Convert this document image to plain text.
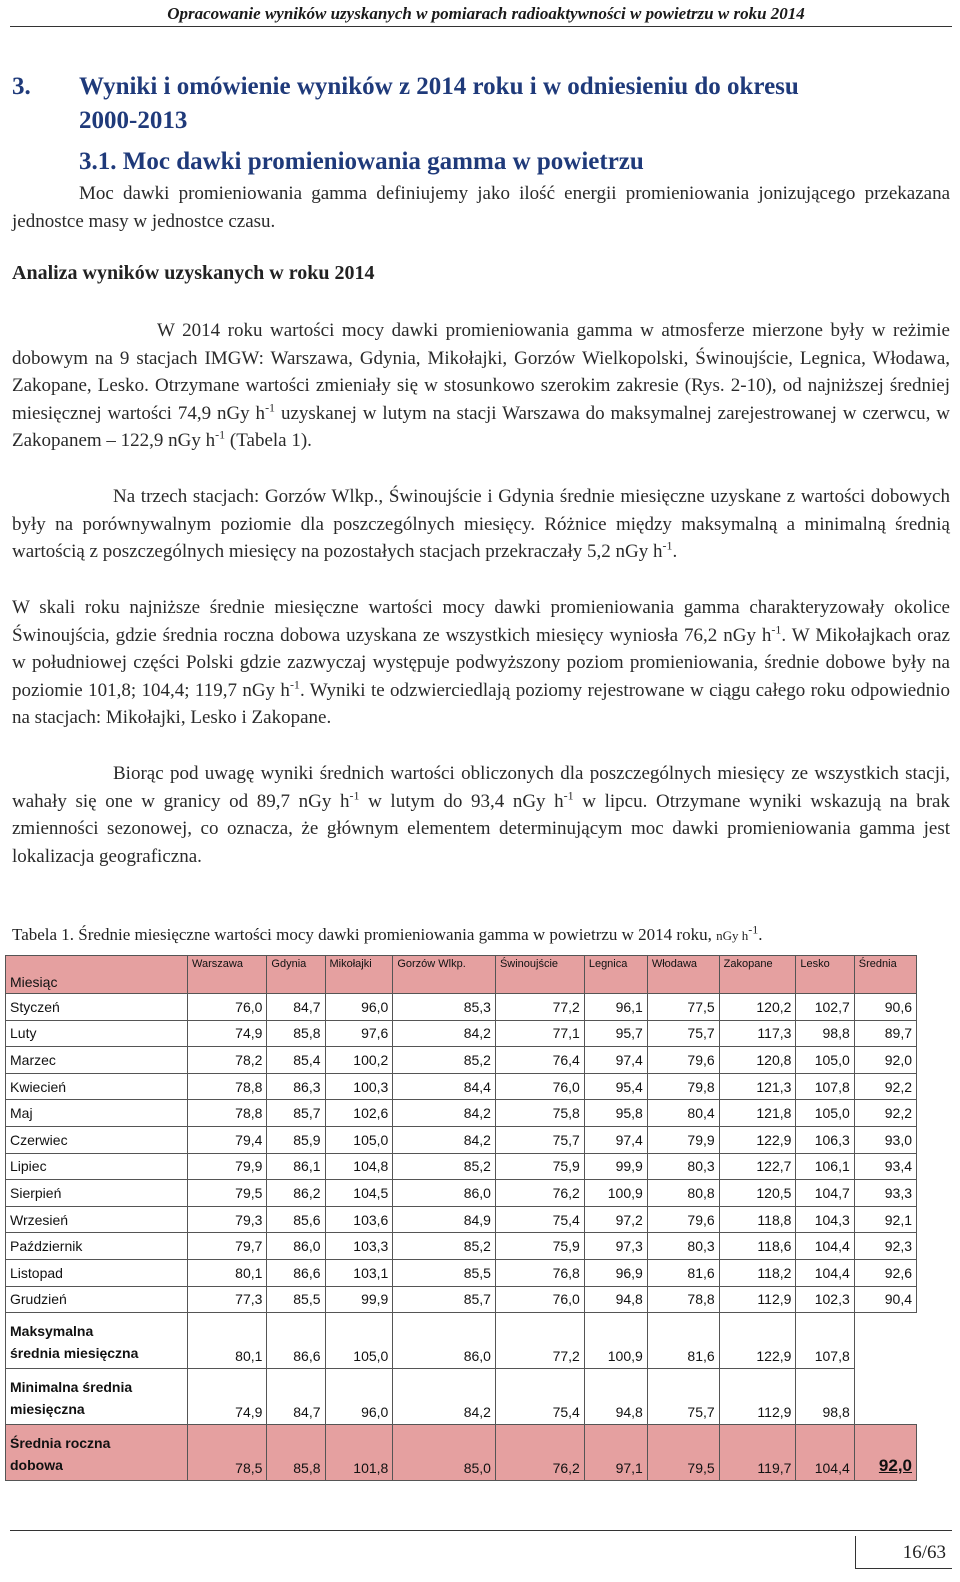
Opracowanie wyników uzyskanych w pomiarach radioaktywności w powietrzu w roku 2014
3. Wyniki i omówienie wyników z 2014 roku i w odniesieniu do okresu
2000-2013
3.1. Moc dawki promieniowania gamma w powietrzu

Moc dawki promieniowania gamma definiujemy jako ilość energii promieniowania jonizującego przekazana jednostce masy w jednostce czasu.

Analiza wyników uzyskanych w roku 2014

W 2014 roku wartości mocy dawki promieniowania gamma w atmosferze mierzone były w reżimie dobowym na 9 stacjach IMGW: Warszawa, Gdynia, Mikołajki, Gorzów Wielkopolski, Świnoujście, Legnica, Włodawa, Zakopane, Lesko. Otrzymane wartości zmieniały się w stosunkowo szerokim zakresie (Rys. 2-10), od najniższej średniej miesięcznej wartości 74,9 nGy $h^{-1}$ uzyskanej w lutym na stacji Warszawa do maksymalnej zarejestrowanej w czerwcu, w Zakopanem – 122,9 nGy $h^{-1}$ (Tabela 1).

Na trzech stacjach: Gorzów Wlkp., Świnoujście i Gdynia średnie miesięczne uzyskane z wartości dobowych były na porównywalnym poziomie dla poszczególnych miesięcy. Różnice między maksymalną a minimalną średnią wartością z poszczególnych miesięcy na pozostałych stacjach przekraczały 5,2 nGy $h^{-1}$.

W skali roku najniższe średnie miesięczne wartości mocy dawki promieniowania gamma charakteryzowały okolice Świnoujścia, gdzie średnia roczna dobowa uzyskana ze wszystkich miesięcy wyniosła 76,2 nGy $h^{-1}$. W Mikołajkach oraz w południowej części Polski gdzie zazwyczaj występuje podwyższony poziom promieniowania, średnie dobowe były na poziomie 101,8; 104,4; 119,7 nGy $h^{-1}$. Wyniki te odzwierciedlają poziomy rejestrowane w ciągu całego roku odpowiednio na stacjach: Mikołajki, Lesko i Zakopane.

Biorąc pod uwagę wyniki średnich wartości obliczonych dla poszczególnych miesięcy ze wszystkich stacji, wahały się one w granicy od 89,7 nGy $h^{-1}$ w lutym do 93,4 nGy $h^{-1}$ w lipcu. Otrzymane wyniki wskazują na brak zmienności sezonowej, co oznacza, że głównym elementem determinującym moc dawki promieniowania gamma jest lokalizacja geograficzna.

Tabela 1. Średnie miesięczne wartości mocy dawki promieniowania gamma w powietrzu w 2014 roku, nGy $h^{-1}$.
Miesiąc	Warszawa	Gdynia	Mikołajki	Gorzów Wlkp.	Świnoujście	Legnica	Włodawa	Zakopane	Lesko	Średnia
Styczeń	76,0	84,7	96,0	85,3	77,2	96,1	77,5	120,2	102,7	90,6
Luty	74,9	85,8	97,6	84,2	77,1	95,7	75,7	117,3	98,8	89,7
Marzec	78,2	85,4	100,2	85,2	76,4	97,4	79,6	120,8	105,0	92,0
Kwiecień	78,8	86,3	100,3	84,4	76,0	95,4	79,8	121,3	107,8	92,2
Maj	78,8	85,7	102,6	84,2	75,8	95,8	80,4	121,8	105,0	92,2
Czerwiec	79,4	85,9	105,0	84,2	75,7	97,4	79,9	122,9	106,3	93,0
Lipiec	79,9	86,1	104,8	85,2	75,9	99,9	80,3	122,7	106,1	93,4
Sierpień	79,5	86,2	104,5	86,0	76,2	100,9	80,8	120,5	104,7	93,3
Wrzesień	79,3	85,6	103,6	84,9	75,4	97,2	79,6	118,8	104,3	92,1
Październik	79,7	86,0	103,3	85,2	75,9	97,3	80,3	118,6	104,4	92,3
Listopad	80,1	86,6	103,1	85,5	76,8	96,9	81,6	118,2	104,4	92,6
Grudzień	77,3	85,5	99,9	85,7	76,0	94,8	78,8	112,9	102,3	90,4
Maksymalna
średnia miesięczna	80,1	86,6	105,0	86,0	77,2	100,9	81,6	122,9	107,8	
Minimalna średnia
miesięczna	74,9	84,7	96,0	84,2	75,4	94,8	75,7	112,9	98,8	
Średnia roczna
dobowa	78,5	85,8	101,8	85,0	76,2	97,1	79,5	119,7	104,4	92,0
16/63
